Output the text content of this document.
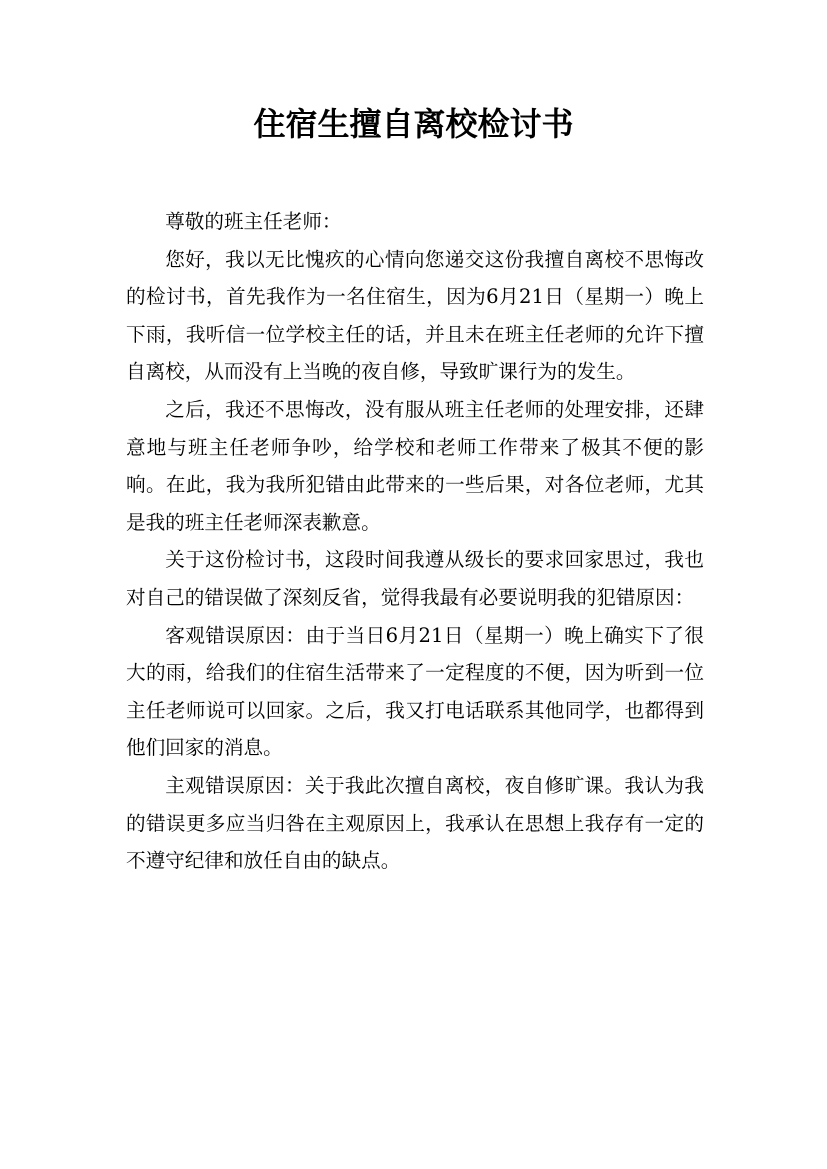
住宿生擅自离校检讨书

尊敬的班主任老师：

您好，我以无比愧疚的心情向您递交这份我擅自离校不思悔改的检讨书，首先我作为一名住宿生，因为6月21日（星期一）晚上下雨，我听信一位学校主任的话，并且未在班主任老师的允许下擅自离校，从而没有上当晚的夜自修，导致旷课行为的发生。

之后，我还不思悔改，没有服从班主任老师的处理安排，还肆意地与班主任老师争吵，给学校和老师工作带来了极其不便的影响。在此，我为我所犯错由此带来的一些后果，对各位老师，尤其是我的班主任老师深表歉意。

关于这份检讨书，这段时间我遵从级长的要求回家思过，我也对自己的错误做了深刻反省，觉得我最有必要说明我的犯错原因：

客观错误原因：由于当日6月21日（星期一）晚上确实下了很大的雨，给我们的住宿生活带来了一定程度的不便，因为听到一位主任老师说可以回家。之后，我又打电话联系其他同学，也都得到他们回家的消息。

主观错误原因：关于我此次擅自离校，夜自修旷课。我认为我的错误更多应当归咎在主观原因上，我承认在思想上我存有一定的不遵守纪律和放任自由的缺点。
